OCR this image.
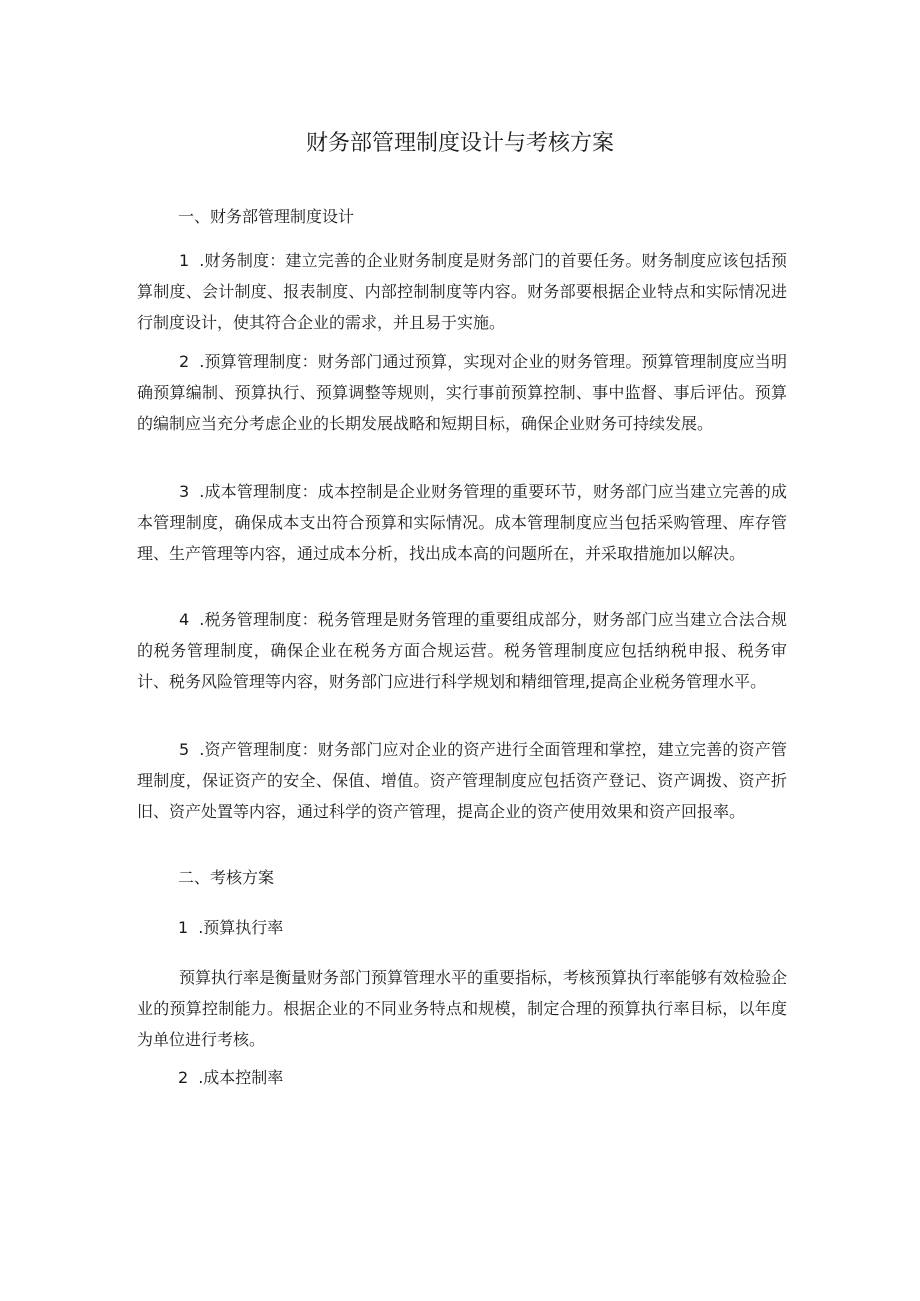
财务部管理制度设计与考核方案
一、财务部管理制度设计
1 .财务制度：建立完善的企业财务制度是财务部门的首要任务。财务制度应该包括预算制度、会计制度、报表制度、内部控制制度等内容。财务部要根据企业特点和实际情况进行制度设计，使其符合企业的需求，并且易于实施。
2 .预算管理制度：财务部门通过预算，实现对企业的财务管理。预算管理制度应当明确预算编制、预算执行、预算调整等规则，实行事前预算控制、事中监督、事后评估。预算的编制应当充分考虑企业的长期发展战略和短期目标，确保企业财务可持续发展。
3 .成本管理制度：成本控制是企业财务管理的重要环节，财务部门应当建立完善的成本管理制度，确保成本支出符合预算和实际情况。成本管理制度应当包括采购管理、库存管理、生产管理等内容，通过成本分析，找出成本高的问题所在，并采取措施加以解决。
4 .税务管理制度：税务管理是财务管理的重要组成部分，财务部门应当建立合法合规的税务管理制度，确保企业在税务方面合规运营。税务管理制度应包括纳税申报、税务审计、税务风险管理等内容，财务部门应进行科学规划和精细管理,提高企业税务管理水平。
5 .资产管理制度：财务部门应对企业的资产进行全面管理和掌控，建立完善的资产管理制度，保证资产的安全、保值、增值。资产管理制度应包括资产登记、资产调拨、资产折旧、资产处置等内容，通过科学的资产管理，提高企业的资产使用效果和资产回报率。
二、考核方案
1 .预算执行率
预算执行率是衡量财务部门预算管理水平的重要指标，考核预算执行率能够有效检验企业的预算控制能力。根据企业的不同业务特点和规模，制定合理的预算执行率目标，以年度为单位进行考核。
2 .成本控制率
